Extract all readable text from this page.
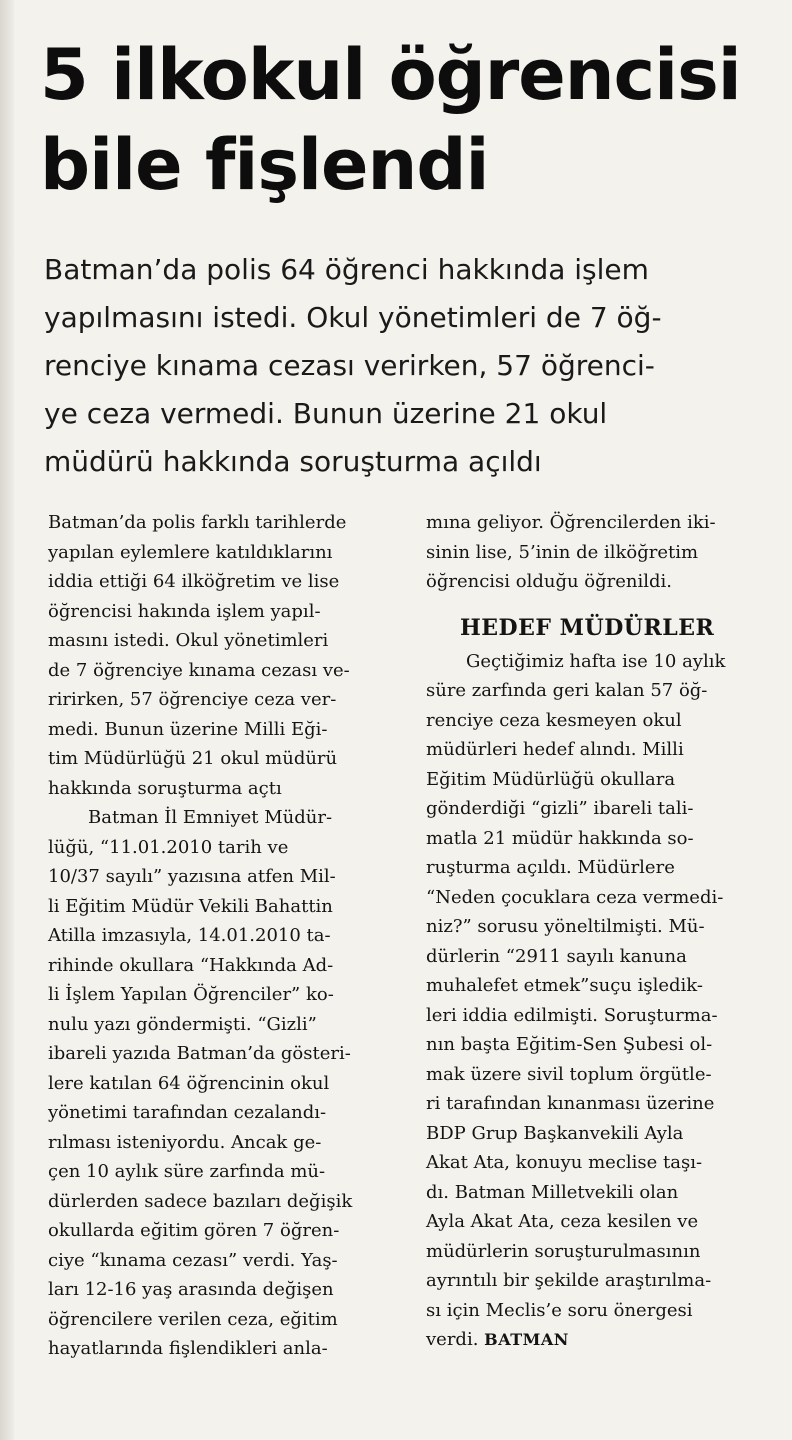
5 ilkokul öğrencisi
bile fişlendi

Batman’da polis 64 öğrenci hakkında işlem
yapılmasını istedi. Okul yönetimleri de 7 öğ-
renciye kınama cezası verirken, 57 öğrenci-
ye ceza vermedi. Bunun üzerine 21 okul
müdürü hakkında soruşturma açıldı

Batman’da polis farklı tarihlerde
yapılan eylemlere katıldıklarını
iddia ettiği 64 ilköğretim ve lise
öğrencisi hakında işlem yapıl-
masını istedi. Okul yönetimleri
de 7 öğrenciye kınama cezası ve-
ririrken, 57 öğrenciye ceza ver-
medi. Bunun üzerine Milli Eği-
tim Müdürlüğü 21 okul müdürü
hakkında soruşturma açtı
Batman İl Emniyet Müdür-
lüğü, “11.01.2010 tarih ve
10/37 sayılı” yazısına atfen Mil-
li Eğitim Müdür Vekili Bahattin
Atilla imzasıyla, 14.01.2010 ta-
rihinde okullara “Hakkında Ad-
li İşlem Yapılan Öğrenciler” ko-
nulu yazı göndermişti. “Gizli”
ibareli yazıda Batman’da gösteri-
lere katılan 64 öğrencinin okul
yönetimi tarafından cezalandı-
rılması isteniyordu. Ancak ge-
çen 10 aylık süre zarfında mü-
dürlerden sadece bazıları değişik
okullarda eğitim gören 7 öğren-
ciye “kınama cezası” verdi. Yaş-
ları 12-16 yaş arasında değişen
öğrencilere verilen ceza, eğitim
hayatlarında fişlendikleri anla-
mına geliyor. Öğrencilerden iki-
sinin lise, 5’inin de ilköğretim
öğrencisi olduğu öğrenildi.
HEDEF MÜDÜRLER
Geçtiğimiz hafta ise 10 aylık
süre zarfında geri kalan 57 öğ-
renciye ceza kesmeyen okul
müdürleri hedef alındı. Milli
Eğitim Müdürlüğü okullara
gönderdiği “gizli” ibareli tali-
matla 21 müdür hakkında so-
ruşturma açıldı. Müdürlere
“Neden çocuklara ceza vermedi-
niz?” sorusu yöneltilmişti. Mü-
dürlerin “2911 sayılı kanuna
muhalefet etmek”suçu işledik-
leri iddia edilmişti. Soruşturma-
nın başta Eğitim-Sen Şubesi ol-
mak üzere sivil toplum örgütle-
ri tarafından kınanması üzerine
BDP Grup Başkanvekili Ayla
Akat Ata, konuyu meclise taşı-
dı. Batman Milletvekili olan
Ayla Akat Ata, ceza kesilen ve
müdürlerin soruşturulmasının
ayrıntılı bir şekilde araştırılma-
sı için Meclis’e soru önergesi
verdi. BATMAN
